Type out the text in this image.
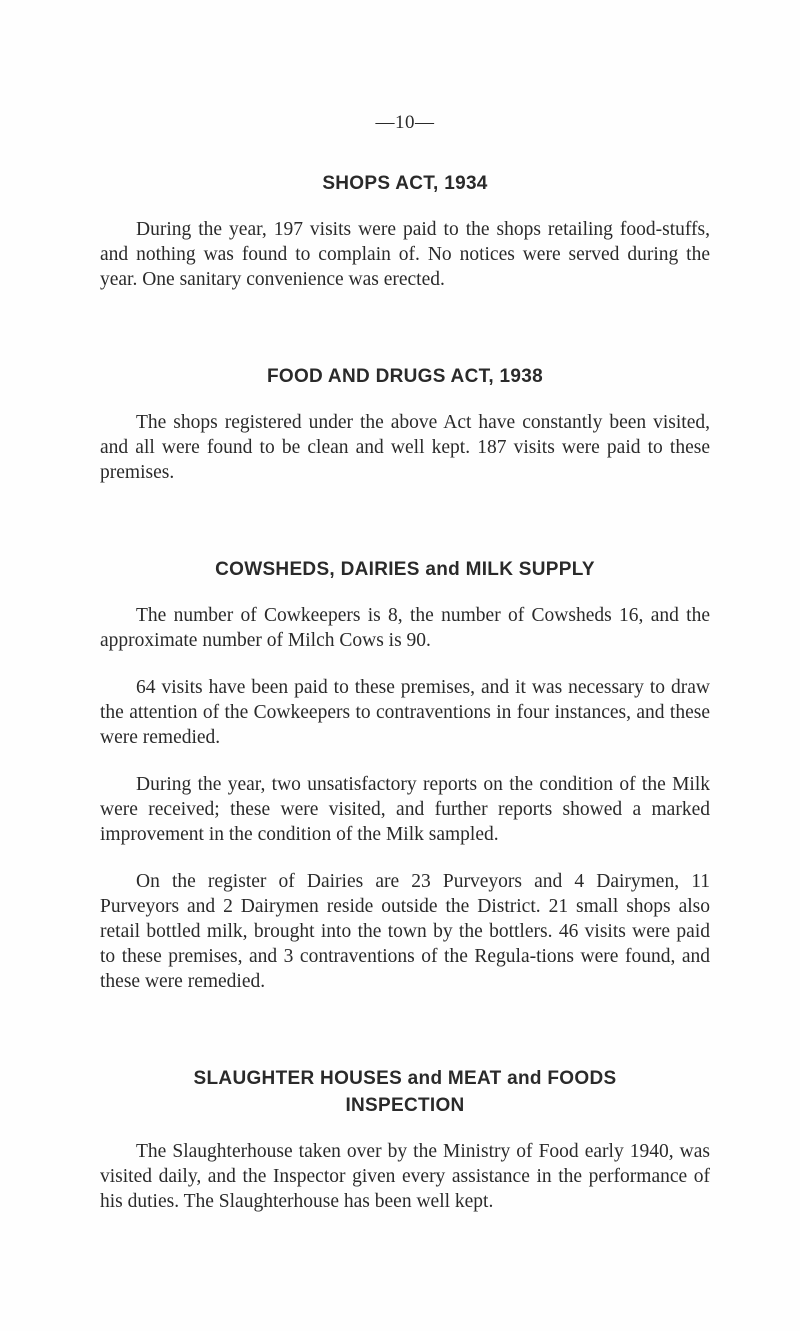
—10—
SHOPS ACT, 1934

During the year, 197 visits were paid to the shops retailing food-stuffs, and nothing was found to complain of. No notices were served during the year. One sanitary convenience was erected.

FOOD AND DRUGS ACT, 1938

The shops registered under the above Act have constantly been visited, and all were found to be clean and well kept. 187 visits were paid to these premises.

COWSHEDS, DAIRIES and MILK SUPPLY

The number of Cowkeepers is 8, the number of Cowsheds 16, and the approximate number of Milch Cows is 90.

64 visits have been paid to these premises, and it was necessary to draw the attention of the Cowkeepers to contraventions in four instances, and these were remedied.

During the year, two unsatisfactory reports on the condition of the Milk were received; these were visited, and further reports showed a marked improvement in the condition of the Milk sampled.

On the register of Dairies are 23 Purveyors and 4 Dairymen, 11 Purveyors and 2 Dairymen reside outside the District. 21 small shops also retail bottled milk, brought into the town by the bottlers. 46 visits were paid to these premises, and 3 contraventions of the Regula-tions were found, and these were remedied.

SLAUGHTER HOUSES and MEAT and FOODS INSPECTION

The Slaughterhouse taken over by the Ministry of Food early 1940, was visited daily, and the Inspector given every assistance in the performance of his duties. The Slaughterhouse has been well kept.
